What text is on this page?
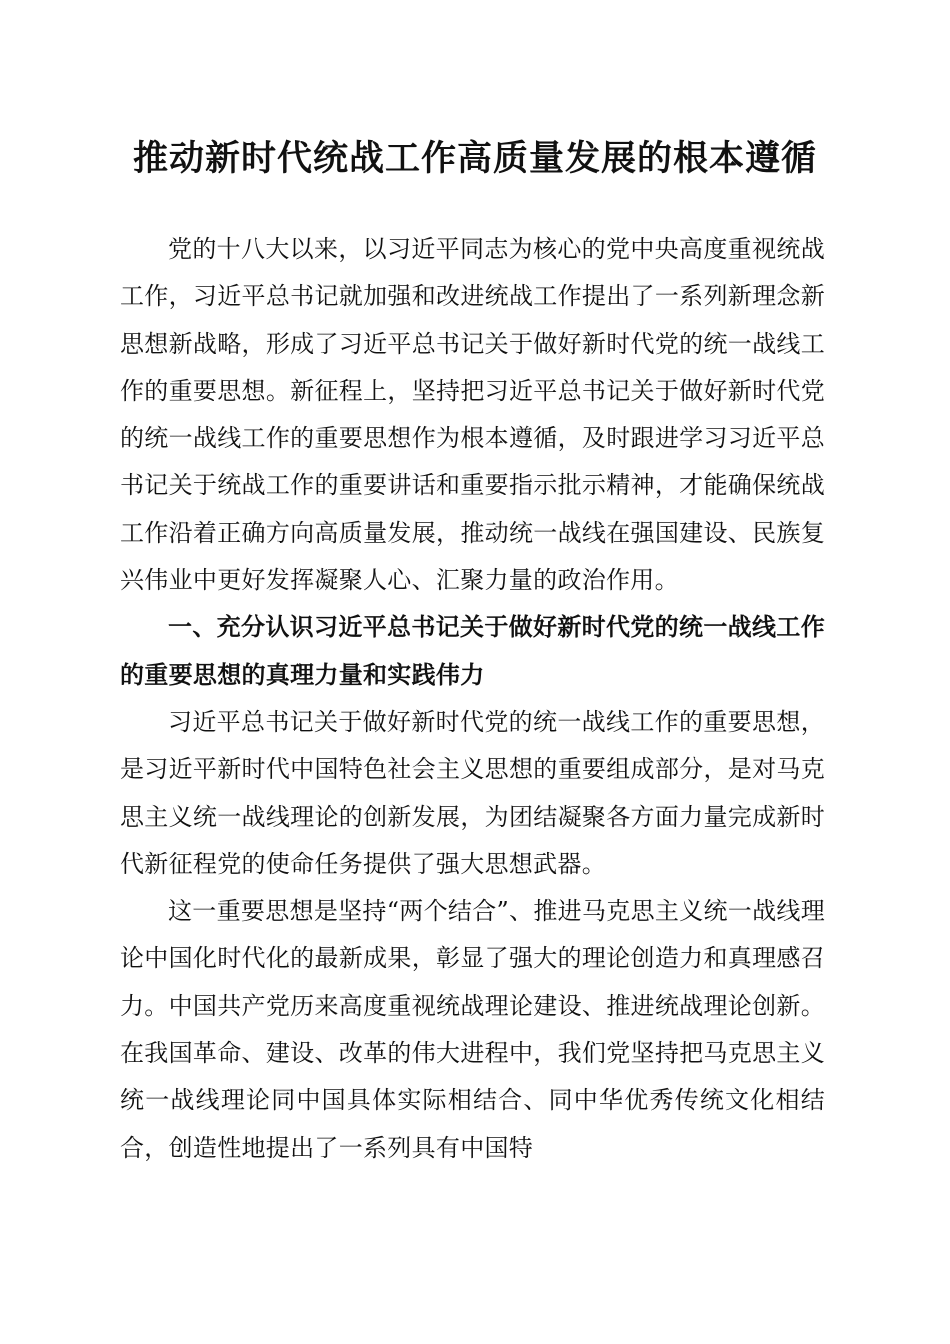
推动新时代统战工作高质量发展的根本遵循

党的十八大以来，以习近平同志为核心的党中央高度重视统战工作，习近平总书记就加强和改进统战工作提出了一系列新理念新思想新战略，形成了习近平总书记关于做好新时代党的统一战线工作的重要思想。新征程上，坚持把习近平总书记关于做好新时代党的统一战线工作的重要思想作为根本遵循，及时跟进学习习近平总书记关于统战工作的重要讲话和重要指示批示精神，才能确保统战工作沿着正确方向高质量发展，推动统一战线在强国建设、民族复兴伟业中更好发挥凝聚人心、汇聚力量的政治作用。

一、充分认识习近平总书记关于做好新时代党的统一战线工作的重要思想的真理力量和实践伟力

习近平总书记关于做好新时代党的统一战线工作的重要思想，是习近平新时代中国特色社会主义思想的重要组成部分，是对马克思主义统一战线理论的创新发展，为团结凝聚各方面力量完成新时代新征程党的使命任务提供了强大思想武器。

这一重要思想是坚持“两个结合”、推进马克思主义统一战线理论中国化时代化的最新成果，彰显了强大的理论创造力和真理感召力。中国共产党历来高度重视统战理论建设、推进统战理论创新。在我国革命、建设、改革的伟大进程中，我们党坚持把马克思主义统一战线理论同中国具体实际相结合、同中华优秀传统文化相结合，创造性地提出了一系列具有中国特
